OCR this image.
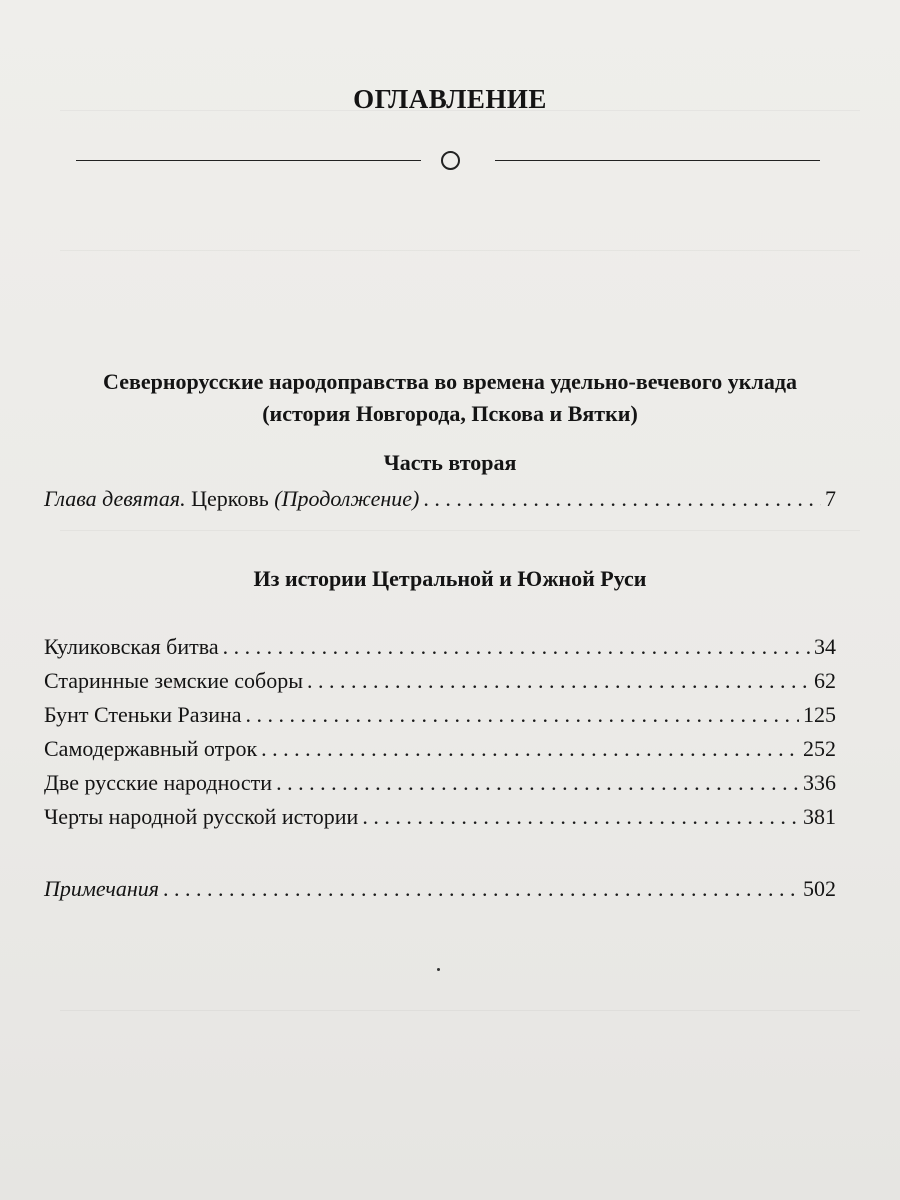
ОГЛАВЛЕНИЕ
Севернорусские народоправства во времена удельно-вечевого уклада
(история Новгорода, Пскова и Вятки)
Часть вторая
Глава девятая. Церковь (Продолжение) . . .	7
Из истории Цетральной и Южной Руси
Куликовская битва . . .	34
Старинные земские соборы . . .	62
Бунт Стеньки Разина . . .	125
Самодержавный отрок . . .	252
Две русские народности . . .	336
Черты народной русской истории . . .	381
Примечания . . .	502
